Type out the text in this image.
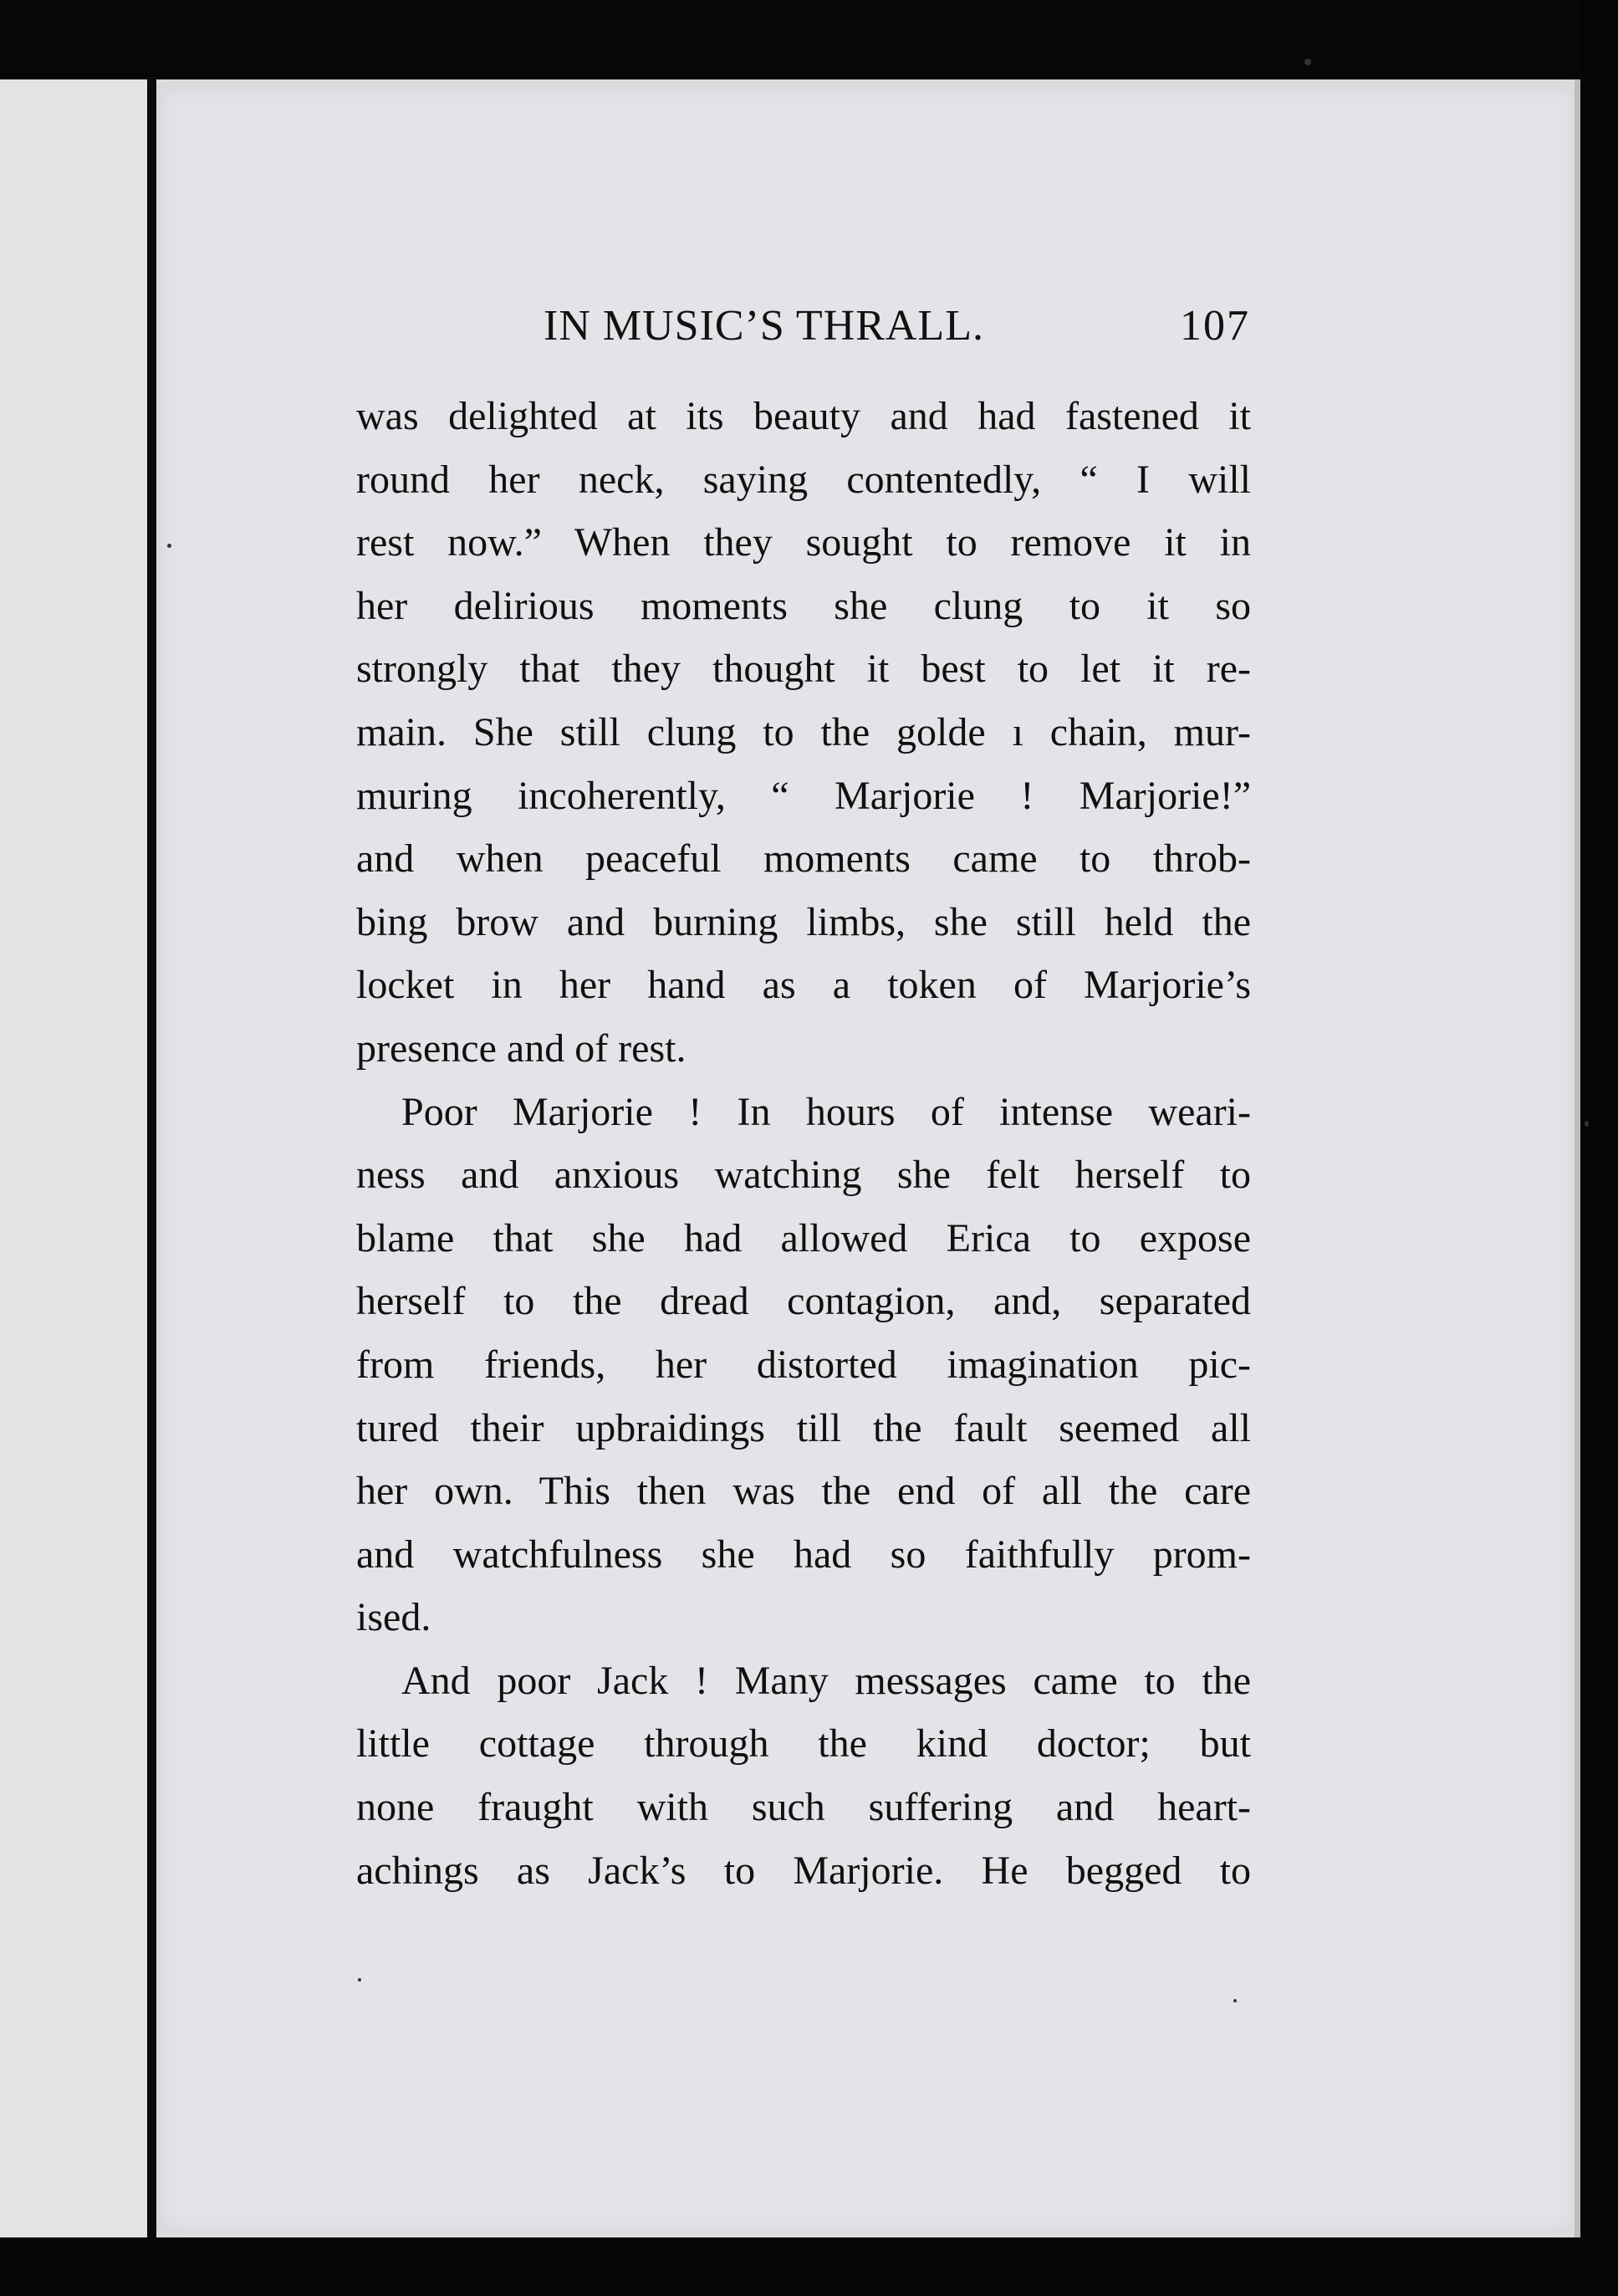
IN MUSIC’S THRALL.	107

was delighted at its beauty and had fastened it

round her neck, saying contentedly, “ I will

rest now.” When they sought to remove it in

her delirious moments she clung to it so

strongly that they thought it best to let it re-

main. She still clung to the golde ı chain, mur-

muring incoherently, “ Marjorie ! Marjorie!”

and when peaceful moments came to throb-

bing brow and burning limbs, she still held the

locket in her hand as a token of Marjorie’s

presence and of rest.

Poor Marjorie ! In hours of intense weari-

ness and anxious watching she felt herself to

blame that she had allowed Erica to expose

herself to the dread contagion, and, separated

from friends, her distorted imagination pic-

tured their upbraidings till the fault seemed all

her own. This then was the end of all the care

and watchfulness she had so faithfully prom-

ised.

And poor Jack ! Many messages came to the

little cottage through the kind doctor; but

none fraught with such suffering and heart-

achings as Jack’s to Marjorie. He begged to
